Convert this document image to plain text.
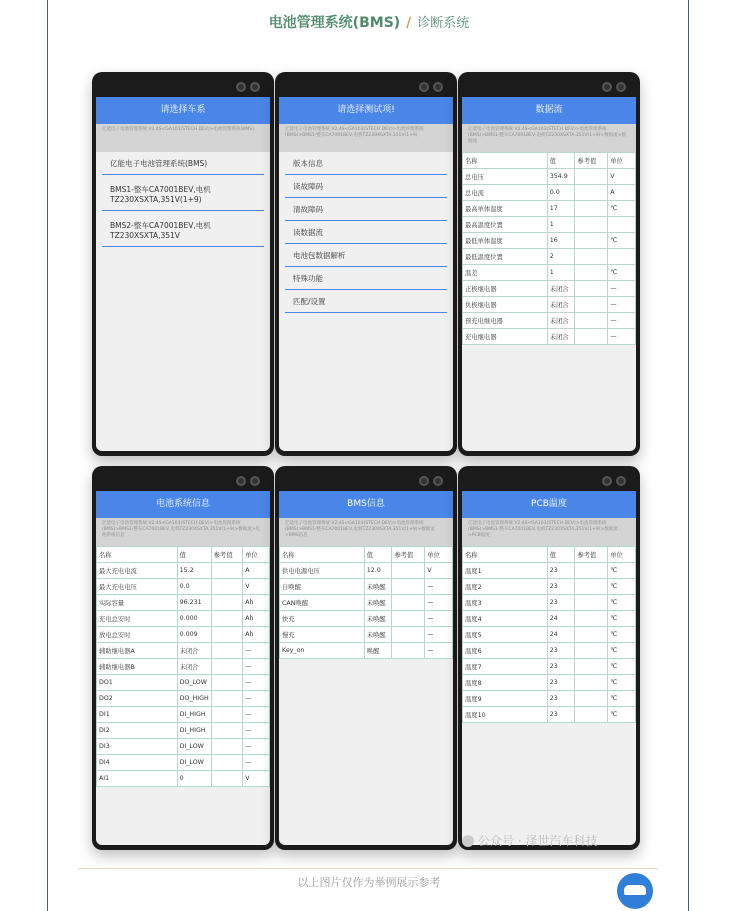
电池管理系统(BMS) / 诊断系统
请选择车系
亿能电子电池管理系统 V2.4S<GA103(STECH DEV)>电池管理系统(BMS)
亿能电子电池管理系统(BMS)
BMS1-整车CA7001BEV,电机TZ230XSXTA,351V(1+9)
BMS2-整车CA7001BEV,电机TZ230XSXTA,351V
请选择测试项!
亿能电子电池管理系统 V2.4S<GA103(STECH DEV)>电池管理系统(BMS)>BMS1-整车CA7001BEV,电机TZ230XSXTA,351V(1+9)
版本信息
读故障码
清故障码
读数据流
电池包数据解析
特殊功能
匹配/设置
数据流
亿能电子电池管理系统 V2.4S<GA103(STECH DEV)>电池管理系统(BMS)>BMS1-整车CA7001BEV,电机TZ230XSXTA,351V(1+9)>数据流>数据流
名称	值	参考值	单位
总电压	354.9		V
总电流	0.0		A
最高单体温度	17		℃
最高温度位置	1		
最低单体温度	16		℃
最低温度位置	2		
温差	1		℃
正极继电器	未闭合		—
负极继电器	未闭合		—
预充电继电器	未闭合		—
充电继电器	未闭合		—
电池系统信息
亿能电子电池管理系统 V2.4S<GA103(STECH DEV)>电池管理系统(BMS)>BMS1-整车CA7001BEV,电机TZ230XSXTA,351V(1+9)>数据流>电池系统信息
名称	值	参考值	单位
最大充电电流	15.2		A
最大充电电压	0.0		V
实际容量	96.231		Ah
充电总安时	0.000		Ah
放电总安时	0.009		Ah
辅助继电器A	未闭合		—
辅助继电器B	未闭合		—
DO1	DO_LOW		—
DO2	DO_HIGH		—
DI1	DI_HIGH		—
DI2	DI_HIGH		—
DI3	DI_LOW		—
DI4	DI_LOW		—
AI1	0		V
BMS信息
亿能电子电池管理系统 V2.4S<GA103(STECH DEV)>电池管理系统(BMS)>BMS1-整车CA7001BEV,电机TZ230XSXTA,351V(1+9)>数据流>BMS信息
名称	值	参考值	单位
供电电源电压	12.0		V
自唤醒	未唤醒		—
CAN唤醒	未唤醒		—
快充	未唤醒		—
慢充	未唤醒		—
Key_on	唤醒		—
PCB温度
亿能电子电池管理系统 V2.4S<GA103(STECH DEV)>电池管理系统(BMS)>BMS1-整车CA7001BEV,电机TZ230XSXTA,351V(1+9)>数据流>PCB温度
名称	值	参考值	单位
温度1	23		℃
温度2	23		℃
温度3	23		℃
温度4	24		℃
温度5	24		℃
温度6	23		℃
温度7	23		℃
温度8	23		℃
温度9	23		℃
温度10	23		℃
公众号 · 泽世汽车科技
以上图片仅作为举例展示参考
